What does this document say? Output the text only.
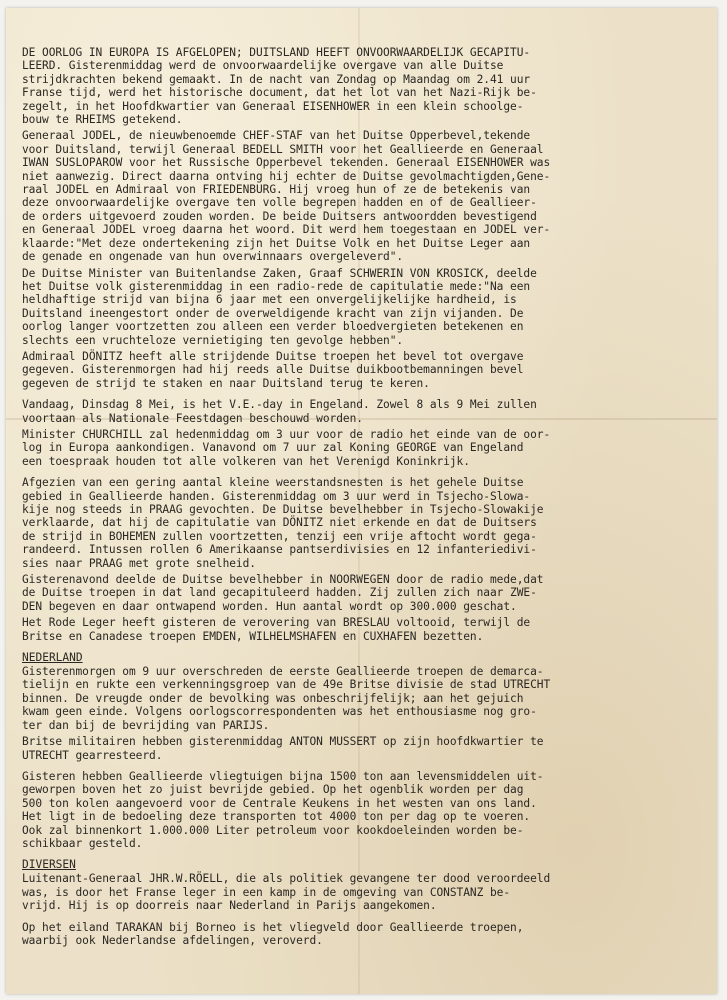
DE OORLOG IN EUROPA IS AFGELOPEN; DUITSLAND HEEFT ONVOORWAARDELIJK GECAPITU-
LEERD. Gisterenmiddag werd de onvoorwaardelijke overgave van alle Duitse
strijdkrachten bekend gemaakt. In de nacht van Zondag op Maandag om 2.41 uur
Franse tijd, werd het historische document, dat het lot van het Nazi-Rijk be-
zegelt, in het Hoofdkwartier van Generaal EISENHOWER in een klein schoolge-
bouw te RHEIMS getekend.
Generaal JODEL, de nieuwbenoemde CHEF-STAF van het Duitse Opperbevel,tekende
voor Duitsland, terwijl Generaal BEDELL SMITH voor het Geallieerde en Generaal
IWAN SUSLOPAROW voor het Russische Opperbevel tekenden. Generaal EISENHOWER was
niet aanwezig. Direct daarna ontving hij echter de Duitse gevolmachtigden,Gene-
raal JODEL en Admiraal von FRIEDENBURG. Hij vroeg hun of ze de betekenis van
deze onvoorwaardelijke overgave ten volle begrepen hadden en of de Geallieer-
de orders uitgevoerd zouden worden. De beide Duitsers antwoordden bevestigend
en Generaal JODEL vroeg daarna het woord. Dit werd hem toegestaan en JODEL ver-
klaarde:"Met deze ondertekening zijn het Duitse Volk en het Duitse Leger aan
de genade en ongenade van hun overwinnaars overgeleverd".
De Duitse Minister van Buitenlandse Zaken, Graaf SCHWERIN VON KROSICK, deelde
het Duitse volk gisterenmiddag in een radio-rede de capitulatie mede:"Na een
heldhaftige strijd van bijna 6 jaar met een onvergelijkelijke hardheid, is
Duitsland ineengestort onder de overweldigende kracht van zijn vijanden. De
oorlog langer voortzetten zou alleen een verder bloedvergieten betekenen en
slechts een vruchteloze vernietiging ten gevolge hebben".
Admiraal DÖNITZ heeft alle strijdende Duitse troepen het bevel tot overgave
gegeven. Gisterenmorgen had hij reeds alle Duitse duikbootbemanningen bevel
gegeven de strijd te staken en naar Duitsland terug te keren.
Vandaag, Dinsdag 8 Mei, is het V.E.-day in Engeland. Zowel 8 als 9 Mei zullen
voortaan als Nationale Feestdagen beschouwd worden.
Minister CHURCHILL zal hedenmiddag om 3 uur voor de radio het einde van de oor-
log in Europa aankondigen. Vanavond om 7 uur zal Koning GEORGE van Engeland
een toespraak houden tot alle volkeren van het Verenigd Koninkrijk.
Afgezien van een gering aantal kleine weerstandsnesten is het gehele Duitse
gebied in Geallieerde handen. Gisterenmiddag om 3 uur werd in Tsjecho-Slowa-
kije nog steeds in PRAAG gevochten. De Duitse bevelhebber in Tsjecho-Slowakije
verklaarde, dat hij de capitulatie van DÖNITZ niet erkende en dat de Duitsers
de strijd in BOHEMEN zullen voortzetten, tenzij een vrije aftocht wordt gega-
randeerd. Intussen rollen 6 Amerikaanse pantserdivisies en 12 infanteriedivi-
sies naar PRAAG met grote snelheid.
Gisterenavond deelde de Duitse bevelhebber in NOORWEGEN door de radio mede,dat
de Duitse troepen in dat land gecapituleerd hadden. Zij zullen zich naar ZWE-
DEN begeven en daar ontwapend worden. Hun aantal wordt op 300.000 geschat.
Het Rode Leger heeft gisteren de verovering van BRESLAU voltooid, terwijl de
Britse en Canadese troepen EMDEN, WILHELMSHAFEN en CUXHAFEN bezetten.
NEDERLAND
Gisterenmorgen om 9 uur overschreden de eerste Geallieerde troepen de demarca-
tielijn en rukte een verkenningsgroep van de 49e Britse divisie de stad UTRECHT
binnen. De vreugde onder de bevolking was onbeschrijfelijk; aan het gejuich
kwam geen einde. Volgens oorlogscorrespondenten was het enthousiasme nog gro-
ter dan bij de bevrijding van PARIJS.
Britse militairen hebben gisterenmiddag ANTON MUSSERT op zijn hoofdkwartier te
UTRECHT gearresteerd.
Gisteren hebben Geallieerde vliegtuigen bijna 1500 ton aan levensmiddelen uit-
geworpen boven het zo juist bevrijde gebied. Op het ogenblik worden per dag
500 ton kolen aangevoerd voor de Centrale Keukens in het westen van ons land.
Het ligt in de bedoeling deze transporten tot 4000 ton per dag op te voeren.
Ook zal binnenkort 1.000.000 Liter petroleum voor kookdoeleinden worden be-
schikbaar gesteld.
DIVERSEN
Luitenant-Generaal JHR.W.RÖELL, die als politiek gevangene ter dood veroordeeld
was, is door het Franse leger in een kamp in de omgeving van CONSTANZ be-
vrijd. Hij is op doorreis naar Nederland in Parijs aangekomen.
Op het eiland TARAKAN bij Borneo is het vliegveld door Geallieerde troepen,
waarbij ook Nederlandse afdelingen, veroverd.
